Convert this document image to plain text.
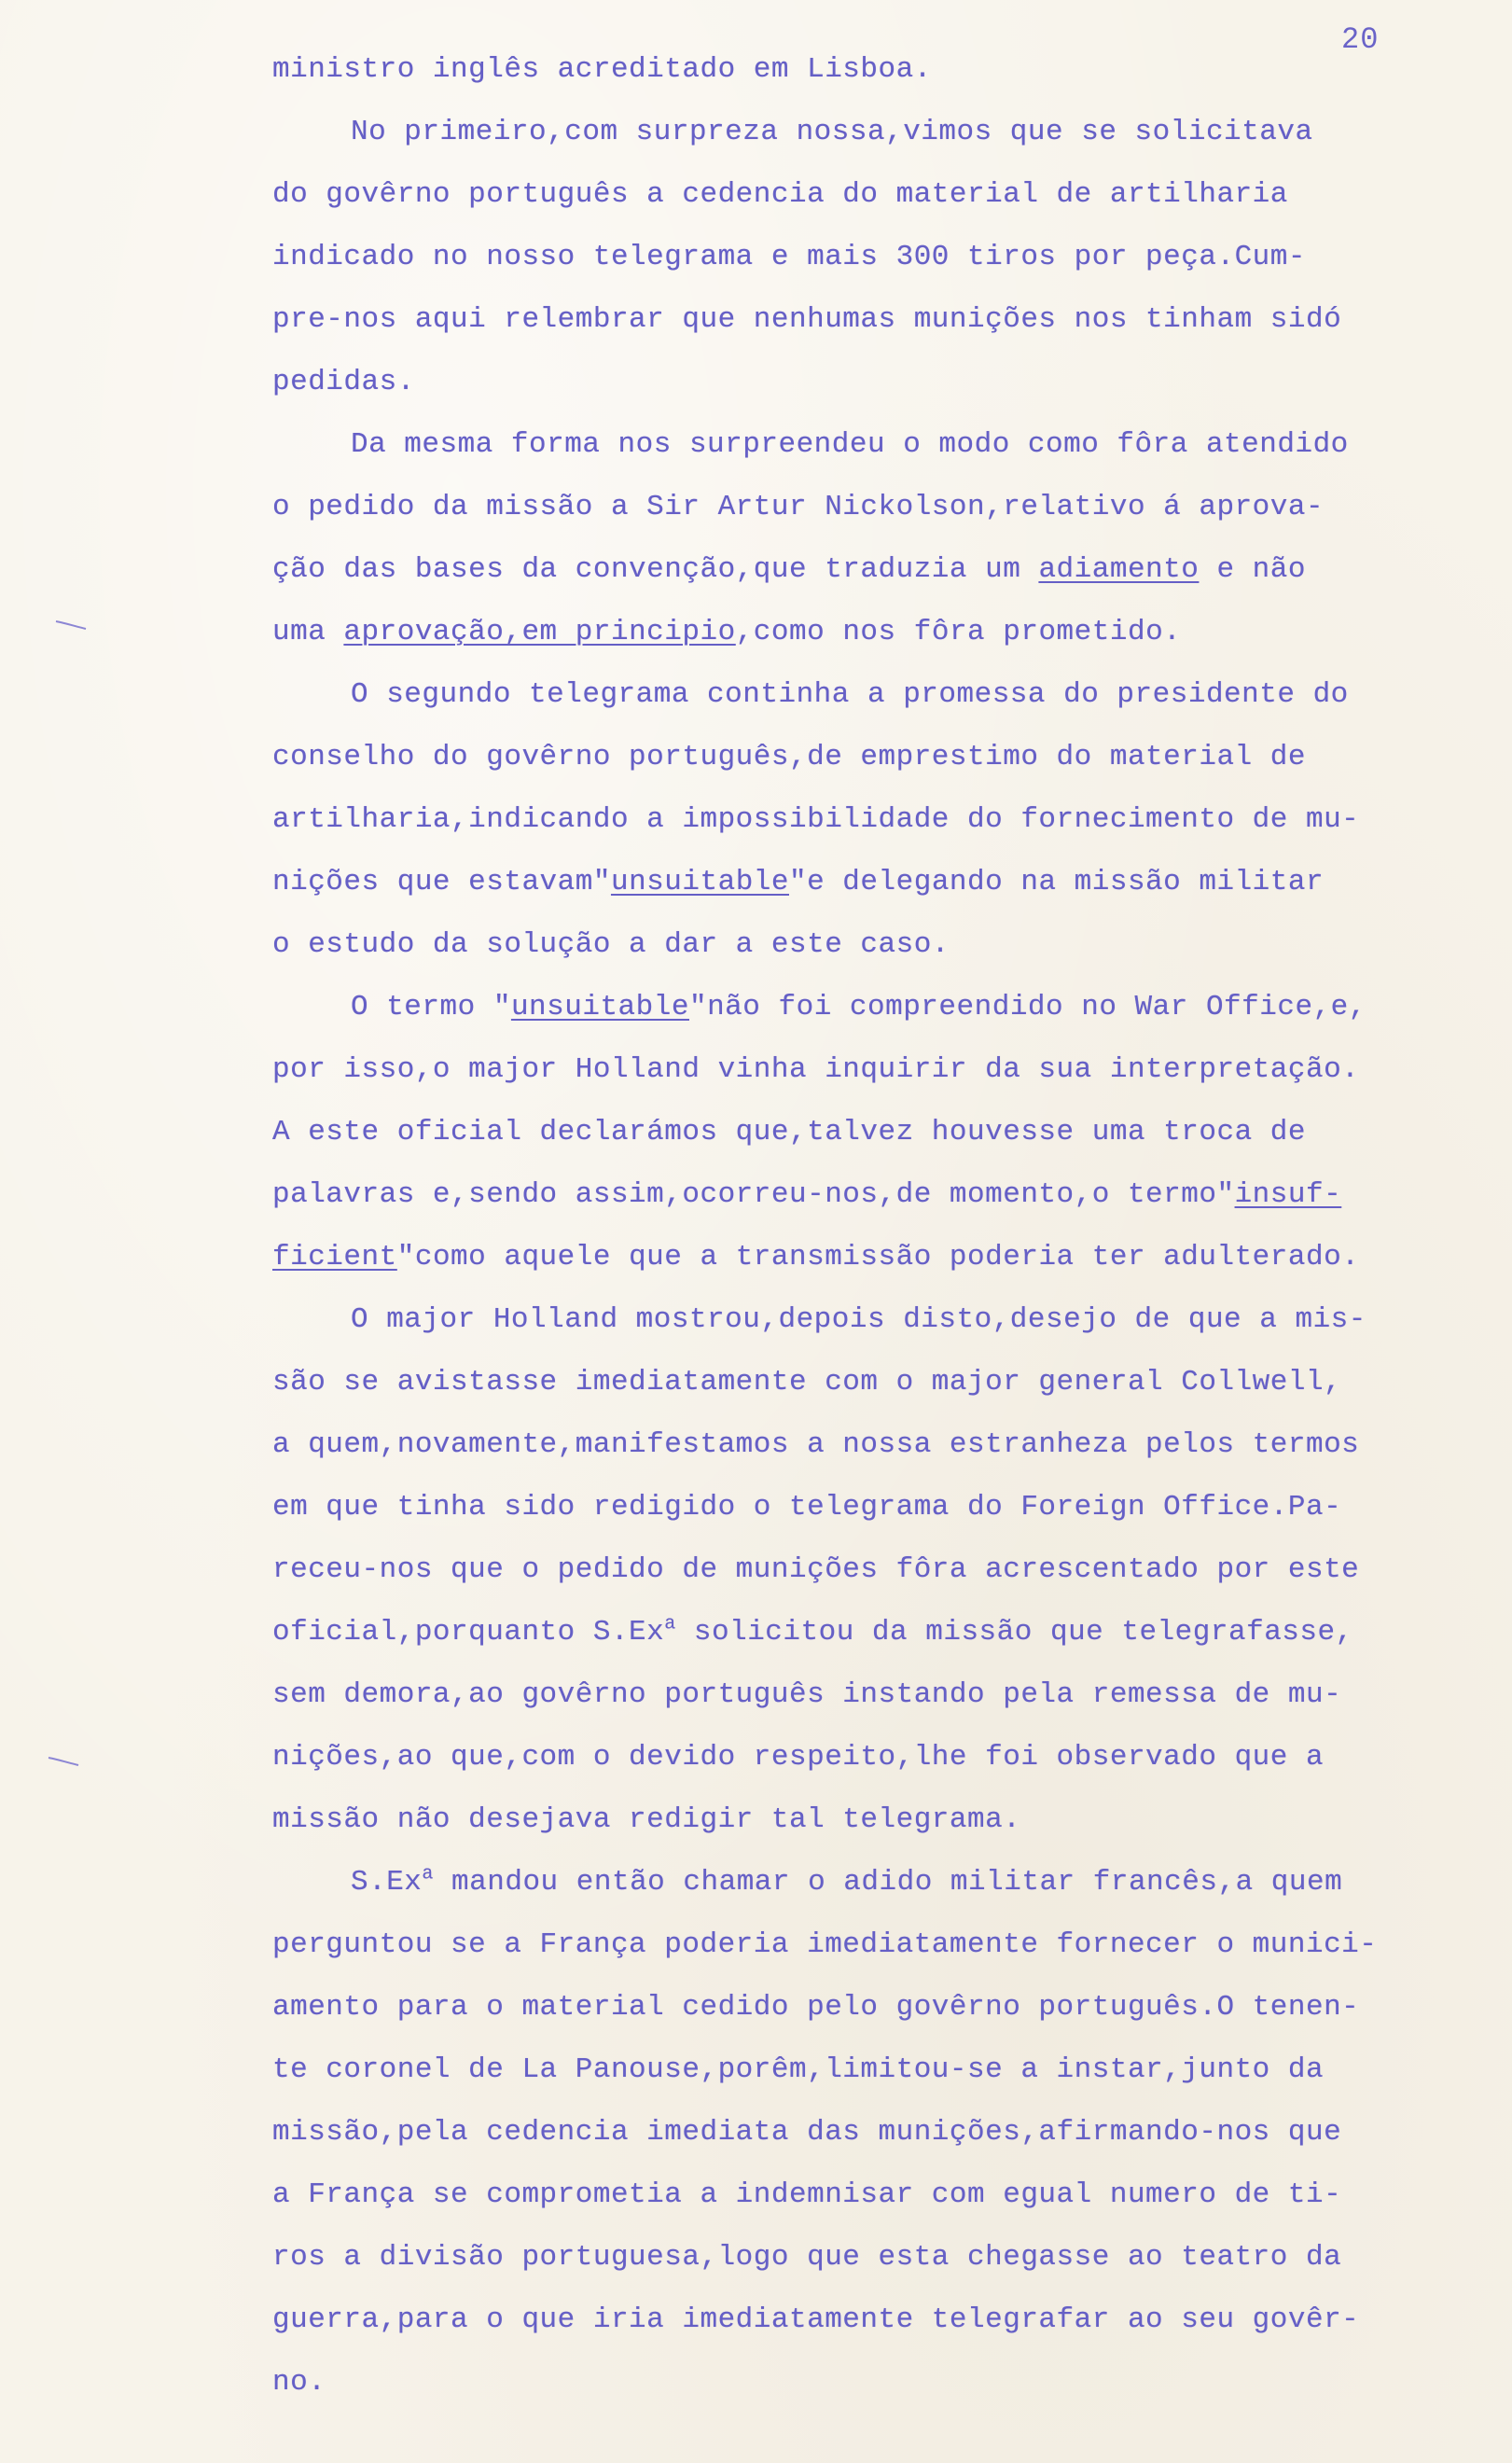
20
ministro inglês acreditado em Lisboa.
No primeiro,com surpreza nossa,vimos que se solicitava
do govêrno português a cedencia do material de artilharia
indicado no nosso telegrama e mais 300 tiros por peça.Cum-
pre-nos aqui relembrar que nenhumas munições nos tinham sidó
pedidas.
Da mesma forma nos surpreendeu o modo como fôra atendido
o pedido da missão a Sir Artur Nickolson,relativo á aprova-
ção das bases da convenção,que traduzia um adiamento e não
uma aprovação,em principio,como nos fôra prometido.
O segundo telegrama continha a promessa do presidente do
conselho do govêrno português,de emprestimo do material de
artilharia,indicando a impossibilidade do fornecimento de mu-
nições que estavam"unsuitable"e delegando na missão militar
o estudo da solução a dar a este caso.
O termo "unsuitable"não foi compreendido no War Office,e,
por isso,o major Holland vinha inquirir da sua interpretação.
A este oficial declarámos que,talvez houvesse uma troca de
palavras e,sendo assim,ocorreu-nos,de momento,o termo"insuf-
ficient"como aquele que a transmissão poderia ter adulterado.
O major Holland mostrou,depois disto,desejo de que a mis-
são se avistasse imediatamente com o major general Collwell,
a quem,novamente,manifestamos a nossa estranheza pelos termos
em que tinha sido redigido o telegrama do Foreign Office.Pa-
receu-nos que o pedido de munições fôra acrescentado por este
oficial,porquanto S.Ex$^a$ solicitou da missão que telegrafasse,
sem demora,ao govêrno português instando pela remessa de mu-
nições,ao que,com o devido respeito,lhe foi observado que a
missão não desejava redigir tal telegrama.
S.Ex$^a$ mandou então chamar o adido militar francês,a quem
perguntou se a França poderia imediatamente fornecer o munici-
amento para o material cedido pelo govêrno português.O tenen-
te coronel de La Panouse,porêm,limitou-se a instar,junto da
missão,pela cedencia imediata das munições,afirmando-nos que
a França se comprometia a indemnisar com egual numero de ti-
ros a divisão portuguesa,logo que esta chegasse ao teatro da
guerra,para o que iria imediatamente telegrafar ao seu govêr-
no.
